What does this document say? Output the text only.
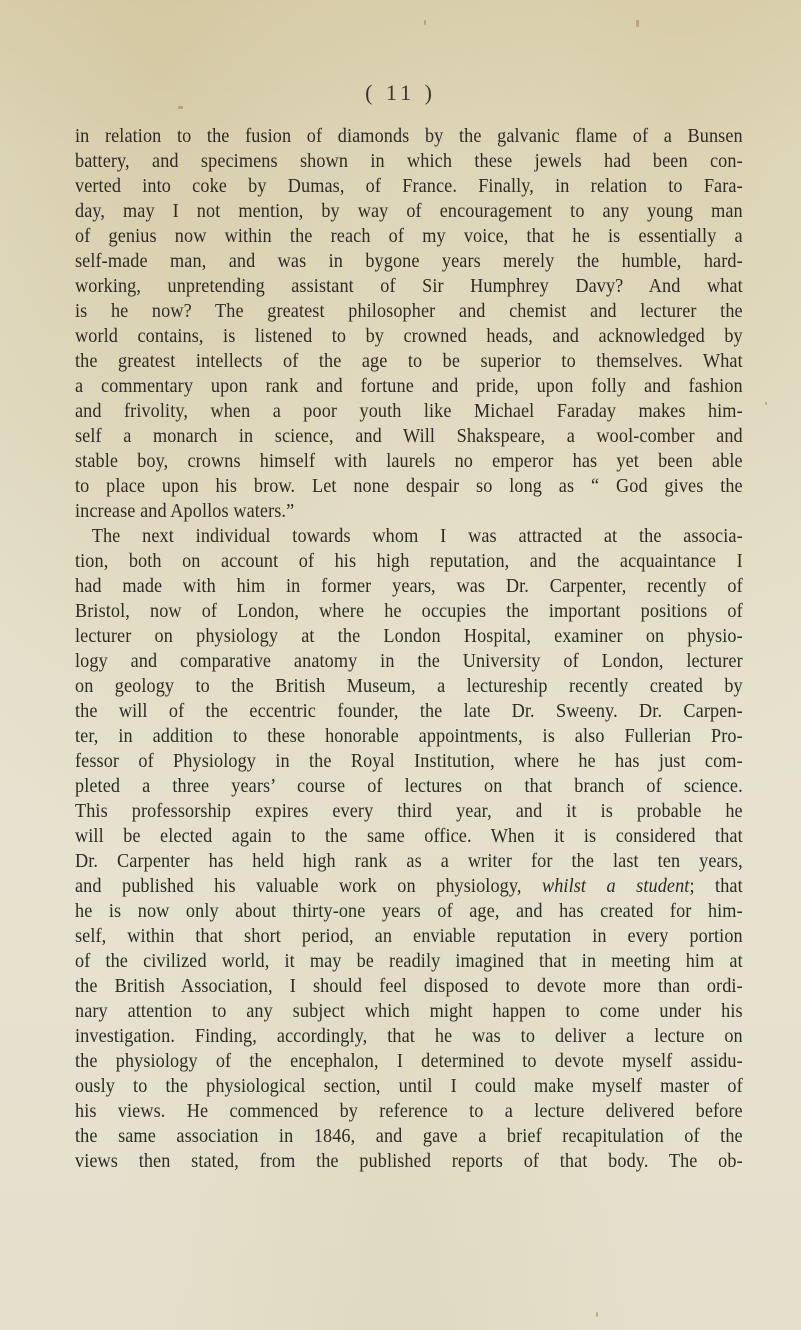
( 11 )
in relation to the fusion of diamonds by the galvanic flame of a Bunsen
battery, and specimens shown in which these jewels had been con-
verted into coke by Dumas, of France. Finally, in relation to Fara-
day, may I not mention, by way of encouragement to any young man
of genius now within the reach of my voice, that he is essentially a
self-made man, and was in bygone years merely the humble, hard-
working, unpretending assistant of Sir Humphrey Davy? And what
is he now? The greatest philosopher and chemist and lecturer the
world contains, is listened to by crowned heads, and acknowledged by
the greatest intellects of the age to be superior to themselves. What
a commentary upon rank and fortune and pride, upon folly and fashion
and frivolity, when a poor youth like Michael Faraday makes him-
self a monarch in science, and Will Shakspeare, a wool-comber and
stable boy, crowns himself with laurels no emperor has yet been able
to place upon his brow. Let none despair so long as “ God gives the
increase and Apollos waters.”
The next individual towards whom I was attracted at the associa-
tion, both on account of his high reputation, and the acquaintance I
had made with him in former years, was Dr. Carpenter, recently of
Bristol, now of London, where he occupies the important positions of
lecturer on physiology at the London Hospital, examiner on physio-
logy and comparative anatomy in the University of London, lecturer
on geology to the British Museum, a lectureship recently created by
the will of the eccentric founder, the late Dr. Sweeny. Dr. Carpen-
ter, in addition to these honorable appointments, is also Fullerian Pro-
fessor of Physiology in the Royal Institution, where he has just com-
pleted a three years’ course of lectures on that branch of science.
This professorship expires every third year, and it is probable he
will be elected again to the same office. When it is considered that
Dr. Carpenter has held high rank as a writer for the last ten years,
and published his valuable work on physiology, whilst a student; that
he is now only about thirty-one years of age, and has created for him-
self, within that short period, an enviable reputation in every portion
of the civilized world, it may be readily imagined that in meeting him at
the British Association, I should feel disposed to devote more than ordi-
nary attention to any subject which might happen to come under his
investigation. Finding, accordingly, that he was to deliver a lecture on
the physiology of the encephalon, I determined to devote myself assidu-
ously to the physiological section, until I could make myself master of
his views. He commenced by reference to a lecture delivered before
the same association in 1846, and gave a brief recapitulation of the
views then stated, from the published reports of that body. The ob-
